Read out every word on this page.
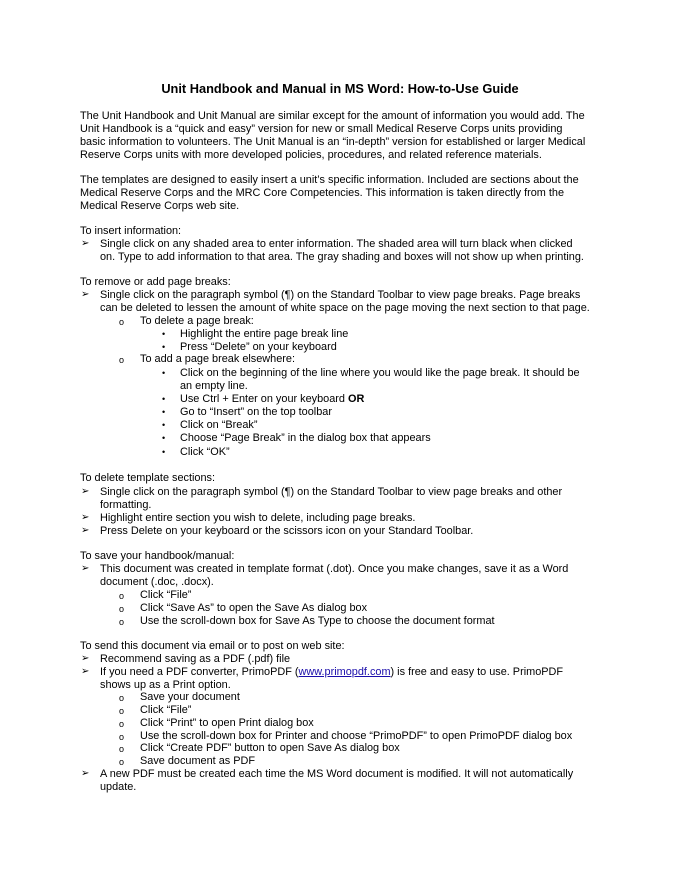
Unit Handbook and Manual in MS Word: How-to-Use Guide
The Unit Handbook and Unit Manual are similar except for the amount of information you would add. The
Unit Handbook is a “quick and easy” version for new or small Medical Reserve Corps units providing
basic information to volunteers. The Unit Manual is an “in-depth” version for established or larger Medical
Reserve Corps units with more developed policies, procedures, and related reference materials.
The templates are designed to easily insert a unit’s specific information. Included are sections about the
Medical Reserve Corps and the MRC Core Competencies. This information is taken directly from the
Medical Reserve Corps web site.
To insert information:
➢ Single click on any shaded area to enter information. The shaded area will turn black when clicked
on. Type to add information to that area. The gray shading and boxes will not show up when printing.
To remove or add page breaks:
➢ Single click on the paragraph symbol (¶) on the Standard Toolbar to view page breaks. Page breaks
can be deleted to lessen the amount of white space on the page moving the next section to that page.
o To delete a page break:
• Highlight the entire page break line
• Press “Delete” on your keyboard
o To add a page break elsewhere:
• Click on the beginning of the line where you would like the page break. It should be
an empty line.
• Use Ctrl + Enter on your keyboard OR
• Go to “Insert” on the top toolbar
• Click on “Break”
• Choose “Page Break” in the dialog box that appears
• Click “OK”
To delete template sections:
➢ Single click on the paragraph symbol (¶) on the Standard Toolbar to view page breaks and other
formatting.
➢ Highlight entire section you wish to delete, including page breaks.
➢ Press Delete on your keyboard or the scissors icon on your Standard Toolbar.
To save your handbook/manual:
➢ This document was created in template format (.dot). Once you make changes, save it as a Word
document (.doc, .docx).
o Click “File”
o Click “Save As” to open the Save As dialog box
o Use the scroll-down box for Save As Type to choose the document format
To send this document via email or to post on web site:
➢ Recommend saving as a PDF (.pdf) file
➢ If you need a PDF converter, PrimoPDF (www.primopdf.com) is free and easy to use. PrimoPDF
shows up as a Print option.
o Save your document
o Click “File”
o Click “Print” to open Print dialog box
o Use the scroll-down box for Printer and choose “PrimoPDF” to open PrimoPDF dialog box
o Click “Create PDF” button to open Save As dialog box
o Save document as PDF
➢ A new PDF must be created each time the MS Word document is modified. It will not automatically
update.
